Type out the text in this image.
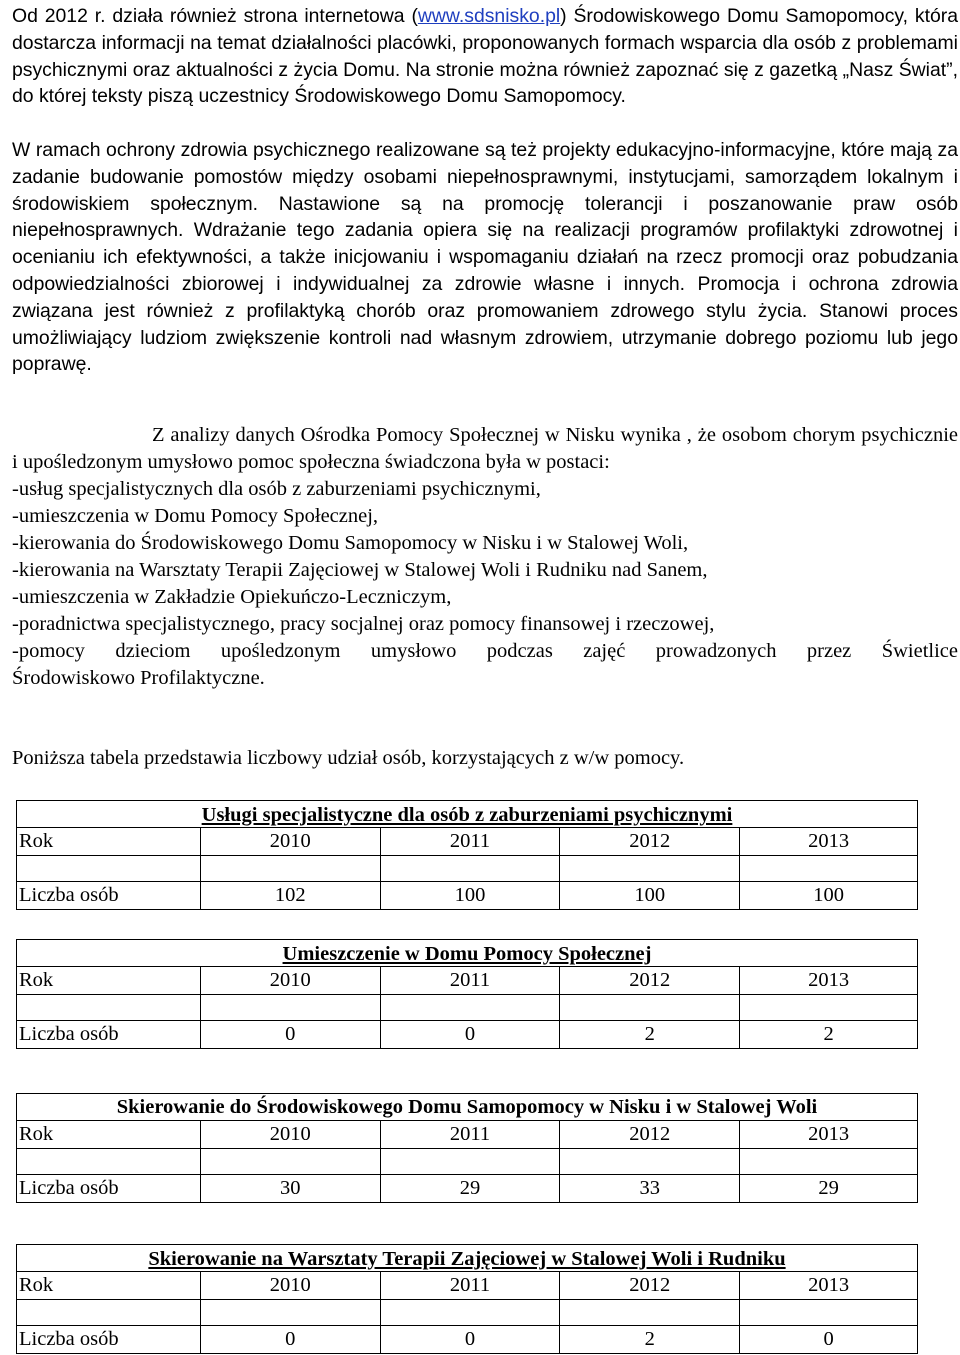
Od 2012 r. działa również strona internetowa (www.sdsnisko.pl) Środowiskowego Domu Samopomocy, która dostarcza informacji na temat działalności placówki, proponowanych formach wsparcia dla osób z problemami psychicznymi oraz aktualności z życia Domu. Na stronie można również zapoznać się z gazetką „Nasz Świat”, do której teksty piszą uczestnicy Środowiskowego Domu Samopomocy.

W ramach ochrony zdrowia psychicznego realizowane są też projekty edukacyjno-informacyjne, które mają za zadanie budowanie pomostów między osobami niepełnosprawnymi, instytucjami, samorządem lokalnym i środowiskiem społecznym. Nastawione są na promocję tolerancji i poszanowanie praw osób niepełnosprawnych. Wdrażanie tego zadania opiera się na realizacji programów profilaktyki zdrowotnej i ocenianiu ich efektywności, a także inicjowaniu i wspomaganiu działań na rzecz promocji oraz pobudzania odpowiedzialności zbiorowej i indywidualnej za zdrowie własne i innych. Promocja i ochrona zdrowia związana jest również z profilaktyką chorób oraz promowaniem zdrowego stylu życia. Stanowi proces umożliwiający ludziom zwiększenie kontroli nad własnym zdrowiem, utrzymanie dobrego poziomu lub jego poprawę.

Z analizy danych Ośrodka Pomocy Społecznej w Nisku wynika , że osobom chorym psychicznie i upośledzonym umysłowo pomoc społeczna świadczona była w postaci:

-usług specjalistycznych dla osób z zaburzeniami psychicznymi,
-umieszczenia w Domu Pomocy Społecznej,
-kierowania do Środowiskowego Domu Samopomocy w Nisku i w Stalowej Woli,
-kierowania na Warsztaty Terapii Zajęciowej w Stalowej Woli i Rudniku nad Sanem,
-umieszczenia w Zakładzie Opiekuńczo-Leczniczym,
-poradnictwa specjalistycznego, pracy socjalnej oraz pomocy finansowej i rzeczowej,
-pomocy dzieciom upośledzonym umysłowo podczas zajęć prowadzonych przez Świetlice
Środowiskowo Profilaktyczne.

Poniższa tabela przedstawia liczbowy udział osób, korzystających z w/w pomocy.

Usługi specjalistyczne dla osób z zaburzeniami psychicznymi				
Rok	2010	2011	2012	2013

Liczba osób	102	100	100	100
Umieszczenie w Domu Pomocy Społecznej				
Rok	2010	2011	2012	2013

Liczba osób	0	0	2	2
Skierowanie do Środowiskowego Domu Samopomocy w Nisku i w Stalowej Woli				
Rok	2010	2011	2012	2013

Liczba osób	30	29	33	29
Skierowanie na Warsztaty Terapii Zajęciowej w Stalowej Woli i Rudniku				
Rok	2010	2011	2012	2013

Liczba osób	0	0	2	0
